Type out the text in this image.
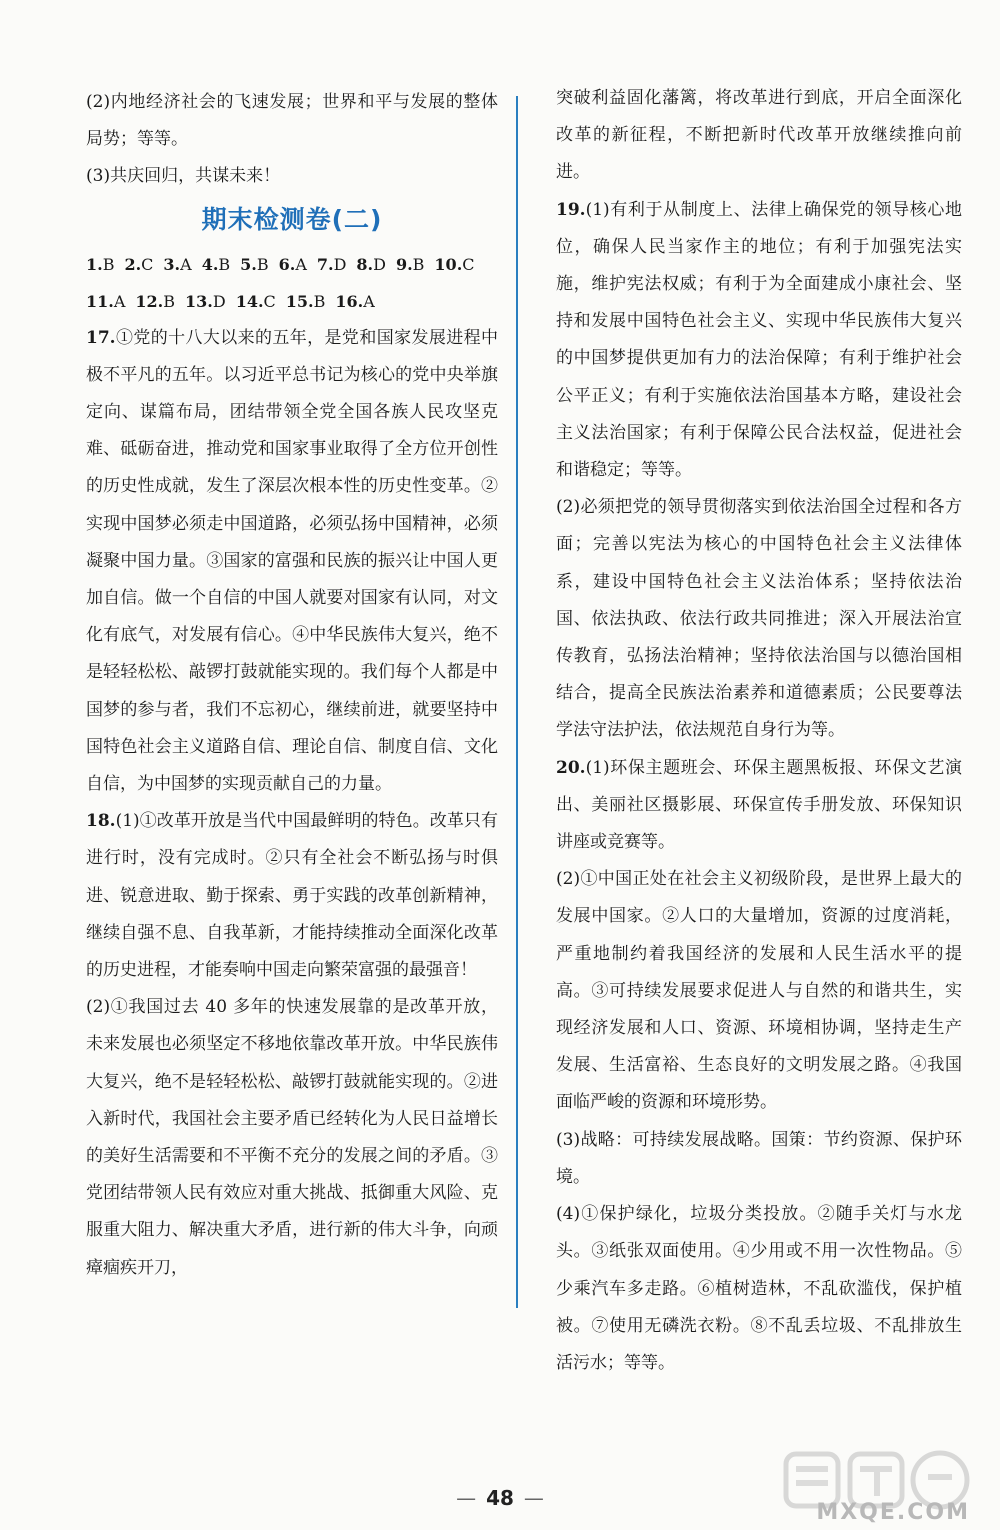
(2)内地经济社会的飞速发展；世界和平与发展的整体局势；等等。

(3)共庆回归，共谋未来！

期末检测卷(二)
1.B 2.C 3.A 4.B 5.B 6.A 7.D 8.D 9.B 10.C
11.A 12.B 13.D 14.C 15.B 16.A

17.①党的十八大以来的五年，是党和国家发展进程中极不平凡的五年。以习近平总书记为核心的党中央举旗定向、谋篇布局，团结带领全党全国各族人民攻坚克难、砥砺奋进，推动党和国家事业取得了全方位开创性的历史性成就，发生了深层次根本性的历史性变革。②实现中国梦必须走中国道路，必须弘扬中国精神，必须凝聚中国力量。③国家的富强和民族的振兴让中国人更加自信。做一个自信的中国人就要对国家有认同，对文化有底气，对发展有信心。④中华民族伟大复兴，绝不是轻轻松松、敲锣打鼓就能实现的。我们每个人都是中国梦的参与者，我们不忘初心，继续前进，就要坚持中国特色社会主义道路自信、理论自信、制度自信、文化自信，为中国梦的实现贡献自己的力量。

18.(1)①改革开放是当代中国最鲜明的特色。改革只有进行时，没有完成时。②只有全社会不断弘扬与时俱进、锐意进取、勤于探索、勇于实践的改革创新精神，继续自强不息、自我革新，才能持续推动全面深化改革的历史进程，才能奏响中国走向繁荣富强的最强音！

(2)①我国过去 40 多年的快速发展靠的是改革开放，未来发展也必须坚定不移地依靠改革开放。中华民族伟大复兴，绝不是轻轻松松、敲锣打鼓就能实现的。②进入新时代，我国社会主要矛盾已经转化为人民日益增长的美好生活需要和不平衡不充分的发展之间的矛盾。③党团结带领人民有效应对重大挑战、抵御重大风险、克服重大阻力、解决重大矛盾，进行新的伟大斗争，向顽瘴痼疾开刀，

突破利益固化藩篱，将改革进行到底，开启全面深化改革的新征程，不断把新时代改革开放继续推向前进。

19.(1)有利于从制度上、法律上确保党的领导核心地位，确保人民当家作主的地位；有利于加强宪法实施，维护宪法权威；有利于为全面建成小康社会、坚持和发展中国特色社会主义、实现中华民族伟大复兴的中国梦提供更加有力的法治保障；有利于维护社会公平正义；有利于实施依法治国基本方略，建设社会主义法治国家；有利于保障公民合法权益，促进社会和谐稳定；等等。

(2)必须把党的领导贯彻落实到依法治国全过程和各方面；完善以宪法为核心的中国特色社会主义法律体系，建设中国特色社会主义法治体系；坚持依法治国、依法执政、依法行政共同推进；深入开展法治宣传教育，弘扬法治精神；坚持依法治国与以德治国相结合，提高全民族法治素养和道德素质；公民要尊法学法守法护法，依法规范自身行为等。

20.(1)环保主题班会、环保主题黑板报、环保文艺演出、美丽社区摄影展、环保宣传手册发放、环保知识讲座或竞赛等。

(2)①中国正处在社会主义初级阶段，是世界上最大的发展中国家。②人口的大量增加，资源的过度消耗，严重地制约着我国经济的发展和人民生活水平的提高。③可持续发展要求促进人与自然的和谐共生，实现经济发展和人口、资源、环境相协调，坚持走生产发展、生活富裕、生态良好的文明发展之路。④我国面临严峻的资源和环境形势。

(3)战略：可持续发展战略。国策：节约资源、保护环境。

(4)①保护绿化，垃圾分类投放。②随手关灯与水龙头。③纸张双面使用。④少用或不用一次性物品。⑤少乘汽车多走路。⑥植树造林，不乱砍滥伐，保护植被。⑦使用无磷洗衣粉。⑧不乱丢垃圾、不乱排放生活污水；等等。

— 48 —
MXQE.COM
